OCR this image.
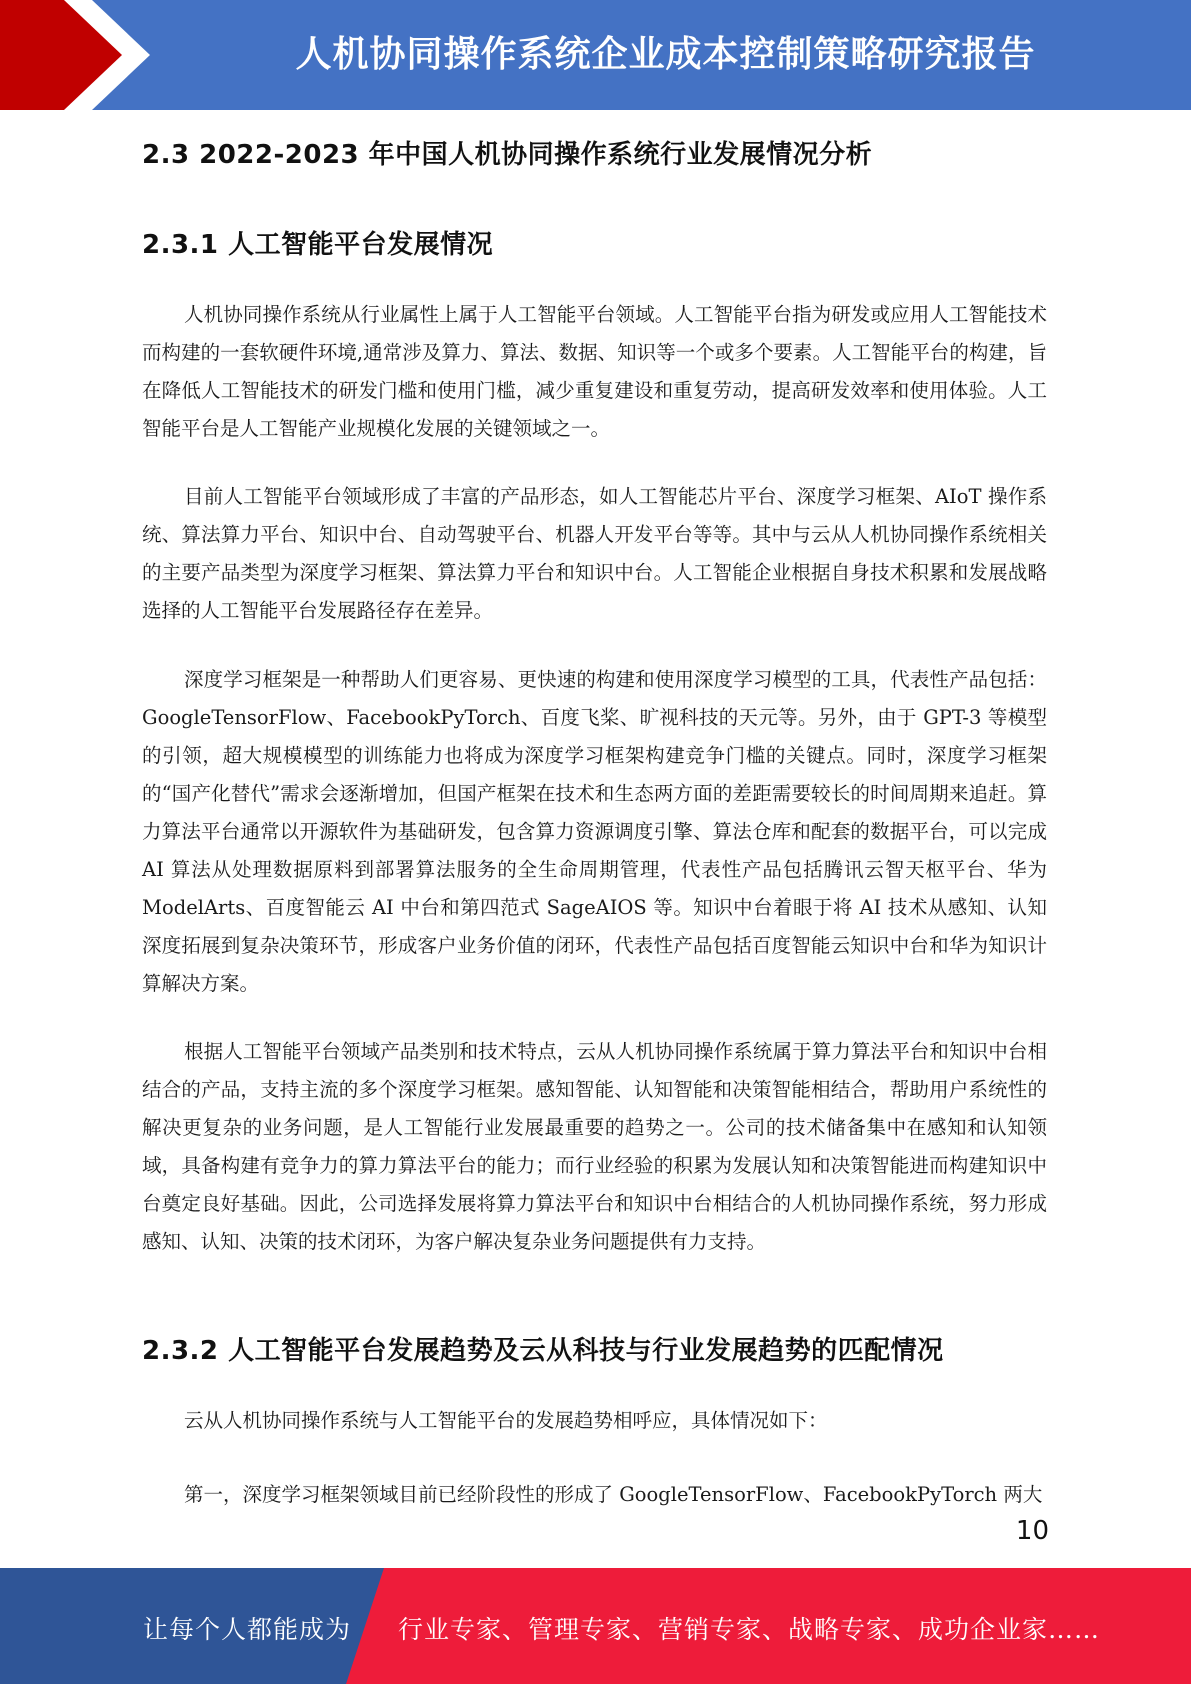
人机协同操作系统企业成本控制策略研究报告
2.3 2022-2023 年中国人机协同操作系统行业发展情况分析
2.3.1 人工智能平台发展情况

人机协同操作系统从行业属性上属于人工智能平台领域。人工智能平台指为研发或应用人工智能技术而构建的一套软硬件环境,通常涉及算力、算法、数据、知识等一个或多个要素。人工智能平台的构建，旨在降低人工智能技术的研发门槛和使用门槛，减少重复建设和重复劳动，提高研发效率和使用体验。人工智能平台是人工智能产业规模化发展的关键领域之一。

目前人工智能平台领域形成了丰富的产品形态，如人工智能芯片平台、深度学习框架、AIoT 操作系统、算法算力平台、知识中台、自动驾驶平台、机器人开发平台等等。其中与云从人机协同操作系统相关的主要产品类型为深度学习框架、算法算力平台和知识中台。人工智能企业根据自身技术积累和发展战略选择的人工智能平台发展路径存在差异。

深度学习框架是一种帮助人们更容易、更快速的构建和使用深度学习模型的工具，代表性产品包括：GoogleTensorFlow、FacebookPyTorch、百度飞桨、旷视科技的天元等。另外，由于 GPT-3 等模型的引领，超大规模模型的训练能力也将成为深度学习框架构建竞争门槛的关键点。同时，深度学习框架的“国产化替代”需求会逐渐增加，但国产框架在技术和生态两方面的差距需要较长的时间周期来追赶。算力算法平台通常以开源软件为基础研发，包含算力资源调度引擎、算法仓库和配套的数据平台，可以完成 AI 算法从处理数据原料到部署算法服务的全生命周期管理，代表性产品包括腾讯云智天枢平台、华为 ModelArts、百度智能云 AI 中台和第四范式 SageAIOS 等。知识中台着眼于将 AI 技术从感知、认知深度拓展到复杂决策环节，形成客户业务价值的闭环，代表性产品包括百度智能云知识中台和华为知识计算解决方案。

根据人工智能平台领域产品类别和技术特点，云从人机协同操作系统属于算力算法平台和知识中台相结合的产品，支持主流的多个深度学习框架。感知智能、认知智能和决策智能相结合，帮助用户系统性的解决更复杂的业务问题，是人工智能行业发展最重要的趋势之一。公司的技术储备集中在感知和认知领域，具备构建有竞争力的算力算法平台的能力；而行业经验的积累为发展认知和决策智能进而构建知识中台奠定良好基础。因此，公司选择发展将算力算法平台和知识中台相结合的人机协同操作系统，努力形成感知、认知、决策的技术闭环，为客户解决复杂业务问题提供有力支持。

2.3.2 人工智能平台发展趋势及云从科技与行业发展趋势的匹配情况

云从人机协同操作系统与人工智能平台的发展趋势相呼应，具体情况如下：

第一，深度学习框架领域目前已经阶段性的形成了 GoogleTensorFlow、FacebookPyTorch 两大

10
让每个人都能成为 行业专家、管理专家、营销专家、战略专家、成功企业家……
